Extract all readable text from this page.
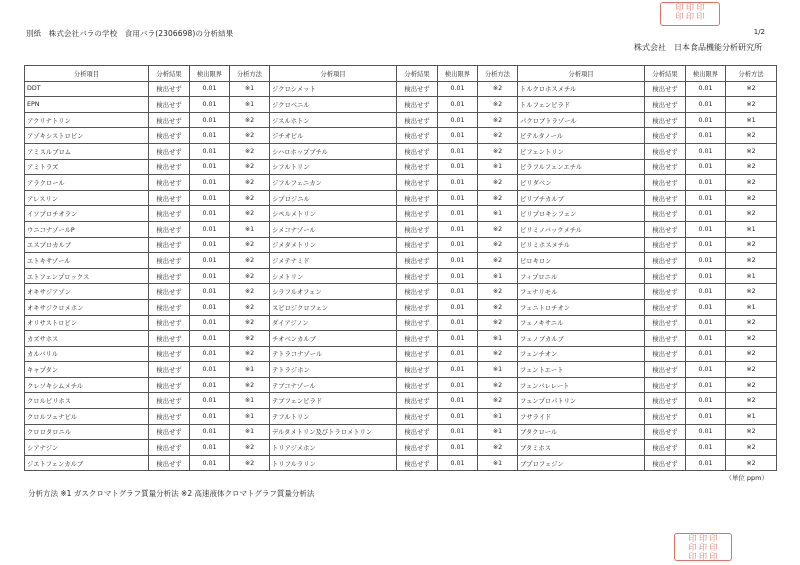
別紙　株式会社バラの学校　食用バラ(2306698)の分析結果	1/2
株式会社　日本食品機能分析研究所
印 印 印
印 印 印
印 印 印
印 印 印
印 印 印
分析項目	分析結果	検出限界	分析方法	分析項目	分析結果	検出限界	分析方法	分析項目	分析結果	検出限界	分析方法
DDT	検出せず	0.01	※1	ジクロシメット	検出せず	0.01	※2	トルクロホスメチル	検出せず	0.01	※2
EPN	検出せず	0.01	※1	ジクロベニル	検出せず	0.01	※2	トルフェンピラド	検出せず	0.01	※2
アクリナトリン	検出せず	0.01	※2	ジスルホトン	検出せず	0.01	※2	パクロブトラゾール	検出せず	0.01	※1
アゾキシストロビン	検出せず	0.01	※2	ジチオピル	検出せず	0.01	※2	ビテルタノール	検出せず	0.01	※2
アミスルブロム	検出せず	0.01	※2	シハロホップブチル	検出せず	0.01	※2	ビフェントリン	検出せず	0.01	※2
アミトラズ	検出せず	0.01	※2	シフルトリン	検出せず	0.01	※1	ピラフルフェンエチル	検出せず	0.01	※2
アラクロール	検出せず	0.01	※2	ジフルフェニカン	検出せず	0.01	※2	ピリダベン	検出せず	0.01	※2
アレスリン	検出せず	0.01	※2	シプロジニル	検出せず	0.01	※2	ピリブチカルブ	検出せず	0.01	※2
イソプロチオラン	検出せず	0.01	※2	シペルメトリン	検出せず	0.01	※1	ピリプロキシフェン	検出せず	0.01	※2
ウニコナゾールP	検出せず	0.01	※1	シメコナゾール	検出せず	0.01	※2	ピリミノバックメチル	検出せず	0.01	※1
エスプロカルブ	検出せず	0.01	※2	ジメタメトリン	検出せず	0.01	※2	ピリミホスメチル	検出せず	0.01	※2
エトキサゾール	検出せず	0.01	※2	ジメテナミド	検出せず	0.01	※2	ピロキロン	検出せず	0.01	※2
エトフェンプロックス	検出せず	0.01	※2	シメトリン	検出せず	0.01	※1	フィプロニル	検出せず	0.01	※1
オキサジアゾン	検出せず	0.01	※2	シラフルオフェン	検出せず	0.01	※2	フェナリモル	検出せず	0.01	※2
オキサジクロメホン	検出せず	0.01	※2	スピロジクロフェン	検出せず	0.01	※2	フェニトロチオン	検出せず	0.01	※1
オリサストロビン	検出せず	0.01	※2	ダイアジノン	検出せず	0.01	※2	フェノキサニル	検出せず	0.01	※2
カズサホス	検出せず	0.01	※2	チオベンカルブ	検出せず	0.01	※1	フェノブカルブ	検出せず	0.01	※2
カルバリル	検出せず	0.01	※2	テトラコナゾール	検出せず	0.01	※2	フェンチオン	検出せず	0.01	※2
キャプタン	検出せず	0.01	※1	テトラジホン	検出せず	0.01	※1	フェントエート	検出せず	0.01	※2
クレソキシムメチル	検出せず	0.01	※2	テブコナゾール	検出せず	0.01	※2	フェンバレレート	検出せず	0.01	※2
クロルピリホス	検出せず	0.01	※1	テブフェンピラド	検出せず	0.01	※2	フェンプロパトリン	検出せず	0.01	※2
クロルフェナピル	検出せず	0.01	※1	テフルトリン	検出せず	0.01	※1	フサライド	検出せず	0.01	※1
クロロタロニル	検出せず	0.01	※1	デルタメトリン及びトラロメトリン	検出せず	0.01	※1	ブタクロール	検出せず	0.01	※2
シアナジン	検出せず	0.01	※2	トリアジメホン	検出せず	0.01	※2	ブタミホス	検出せず	0.01	※2
ジエトフェンカルブ	検出せず	0.01	※2	トリフルラリン	検出せず	0.01	※1	ブプロフェジン	検出せず	0.01	※2
（単位 ppm）
分析方法 ※1 ガスクロマトグラフ質量分析法 ※2 高速液体クロマトグラフ質量分析法
